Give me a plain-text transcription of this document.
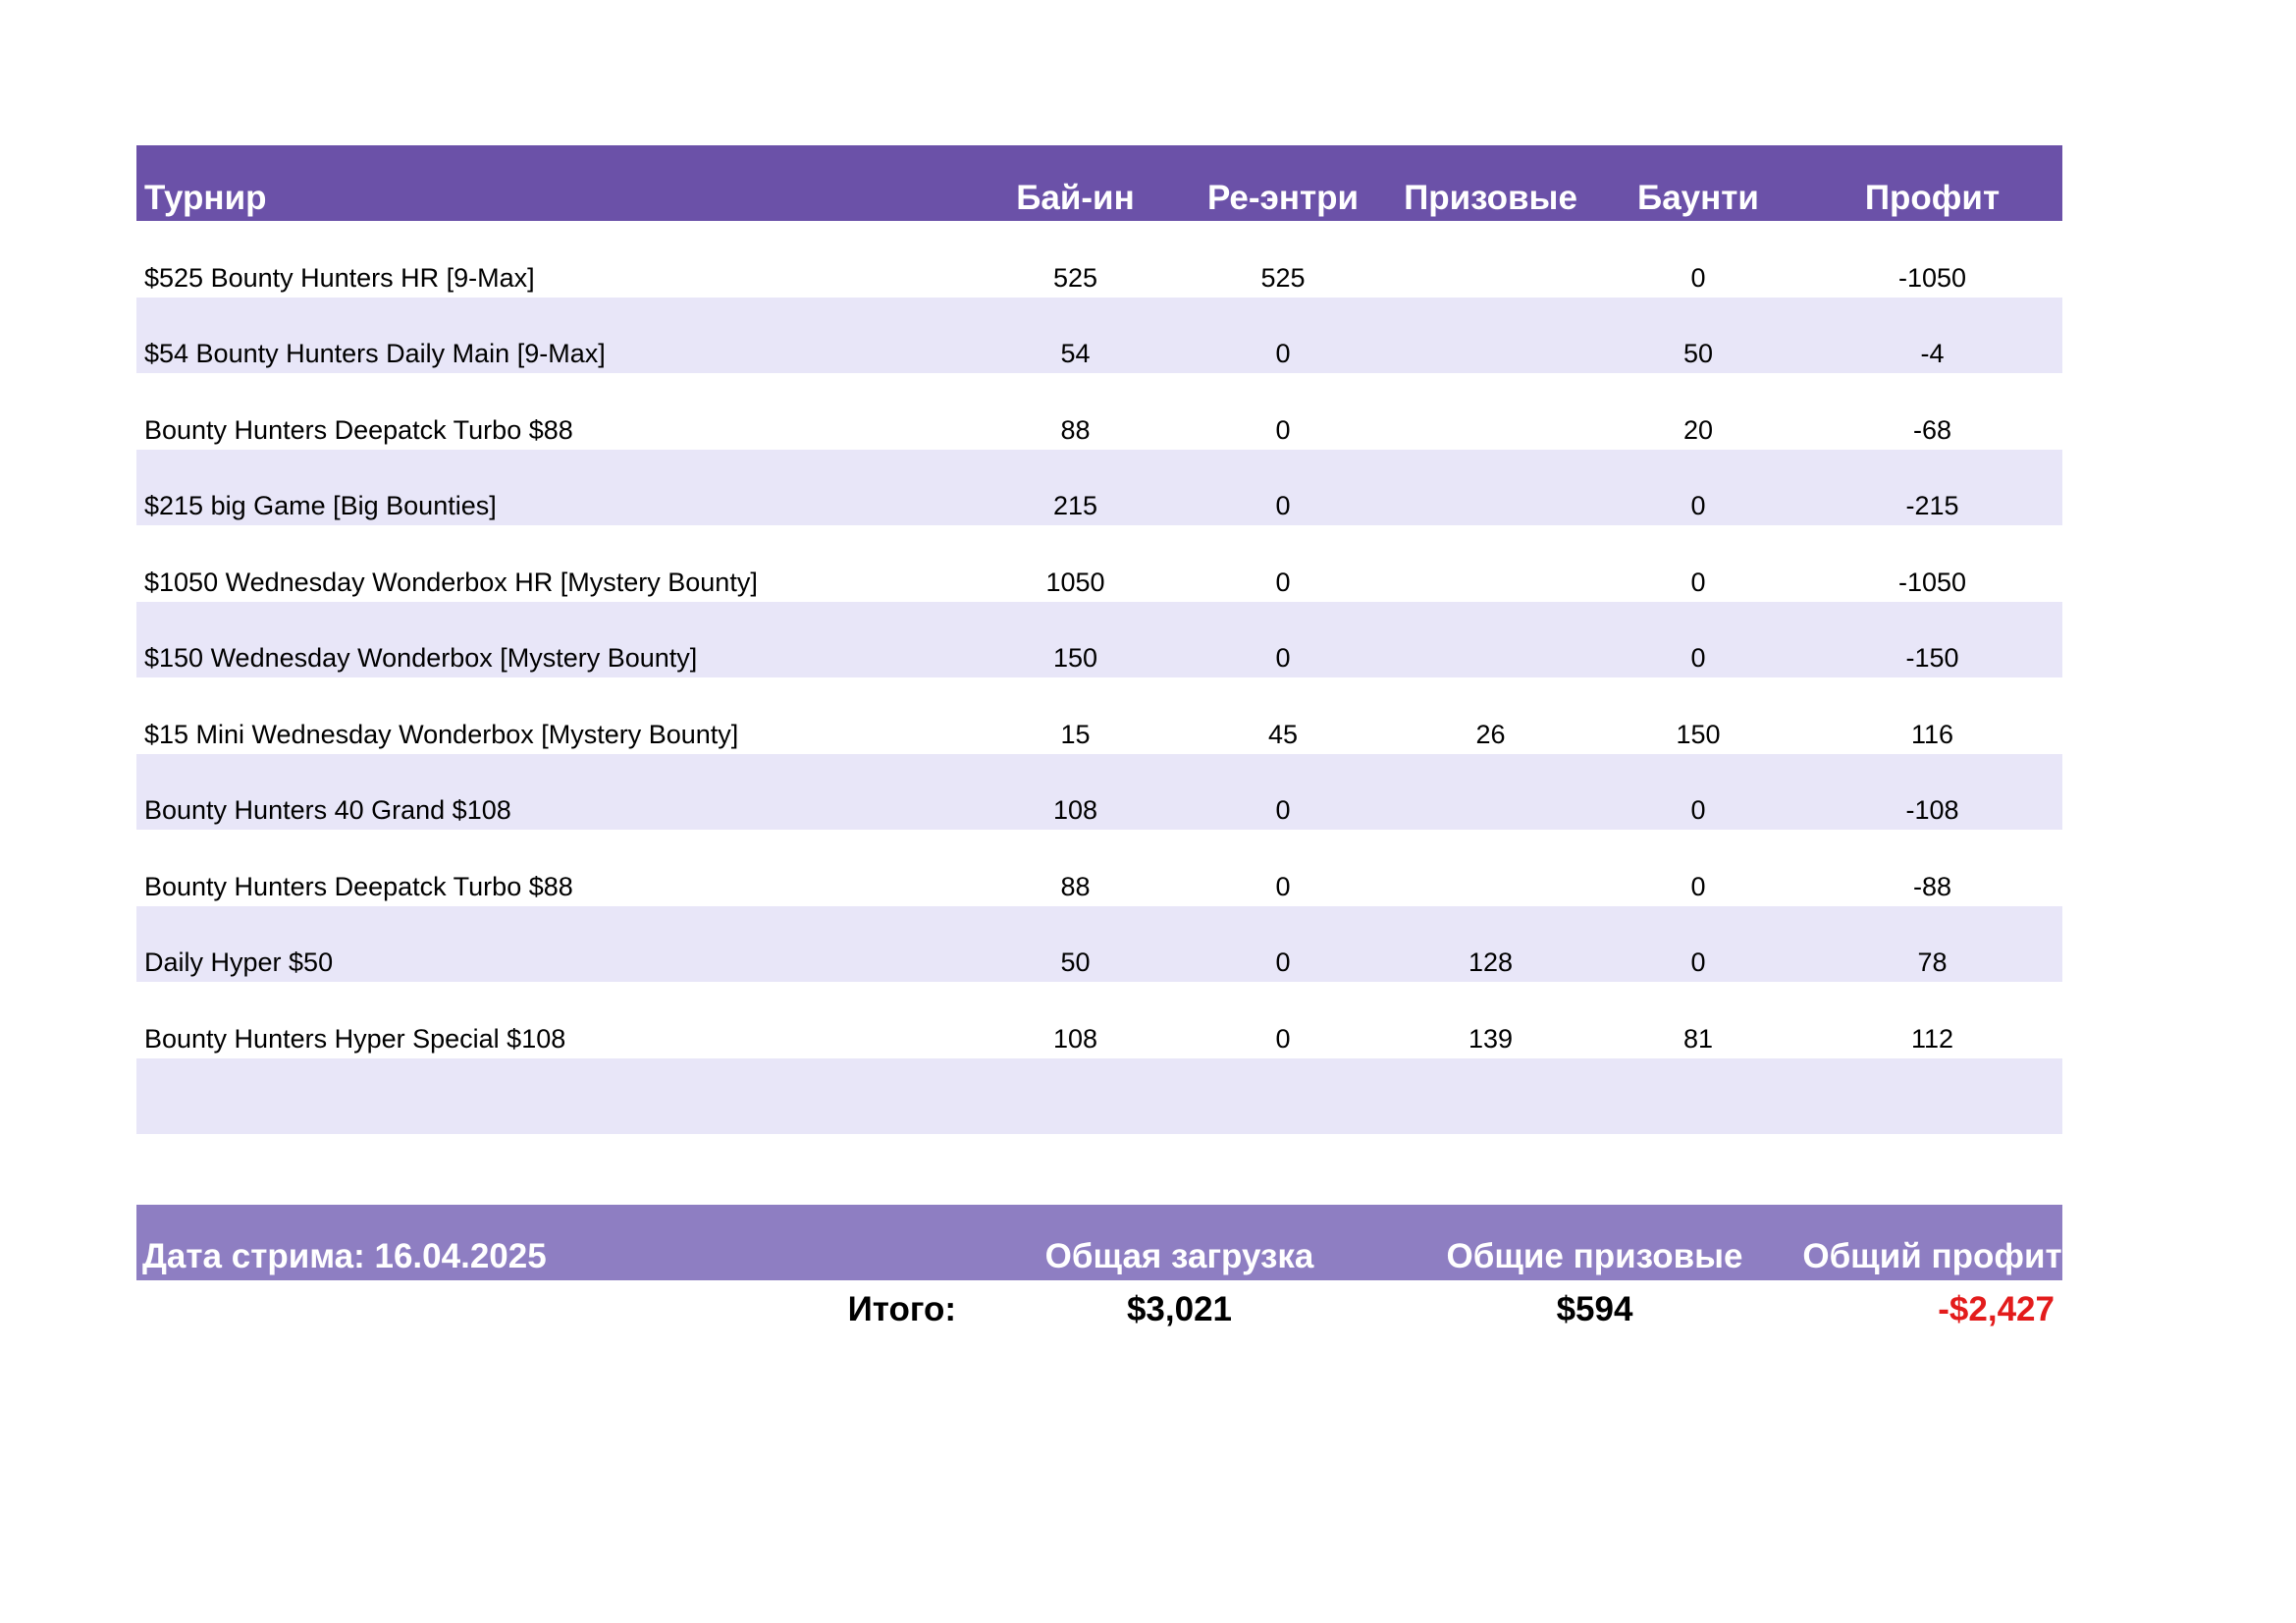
Турнир	Бай-ин	Ре-энтри	Призовые	Баунти	Профит
$525 Bounty Hunters HR [9-Max]	525	525		0	-1050
$54 Bounty Hunters Daily Main [9-Max]	54	0		50	-4
Bounty Hunters Deepatck Turbo $88	88	0		20	-68
$215 big Game [Big Bounties]	215	0		0	-215
$1050 Wednesday Wonderbox HR [Mystery Bounty]	1050	0		0	-1050
$150 Wednesday Wonderbox [Mystery Bounty]	150	0		0	-150
$15 Mini Wednesday Wonderbox [Mystery Bounty]	15	45	26	150	116
Bounty Hunters 40 Grand $108	108	0		0	-108
Bounty Hunters Deepatck Turbo $88	88	0		0	-88
Daily Hyper $50	50	0	128	0	78
Bounty Hunters Hyper Special $108	108	0	139	81	112

Дата стрима: 16.04.2025	Общая загрузка	Общие призовые	Общий профит
Итого:	$3,021	$594	-$2,427
